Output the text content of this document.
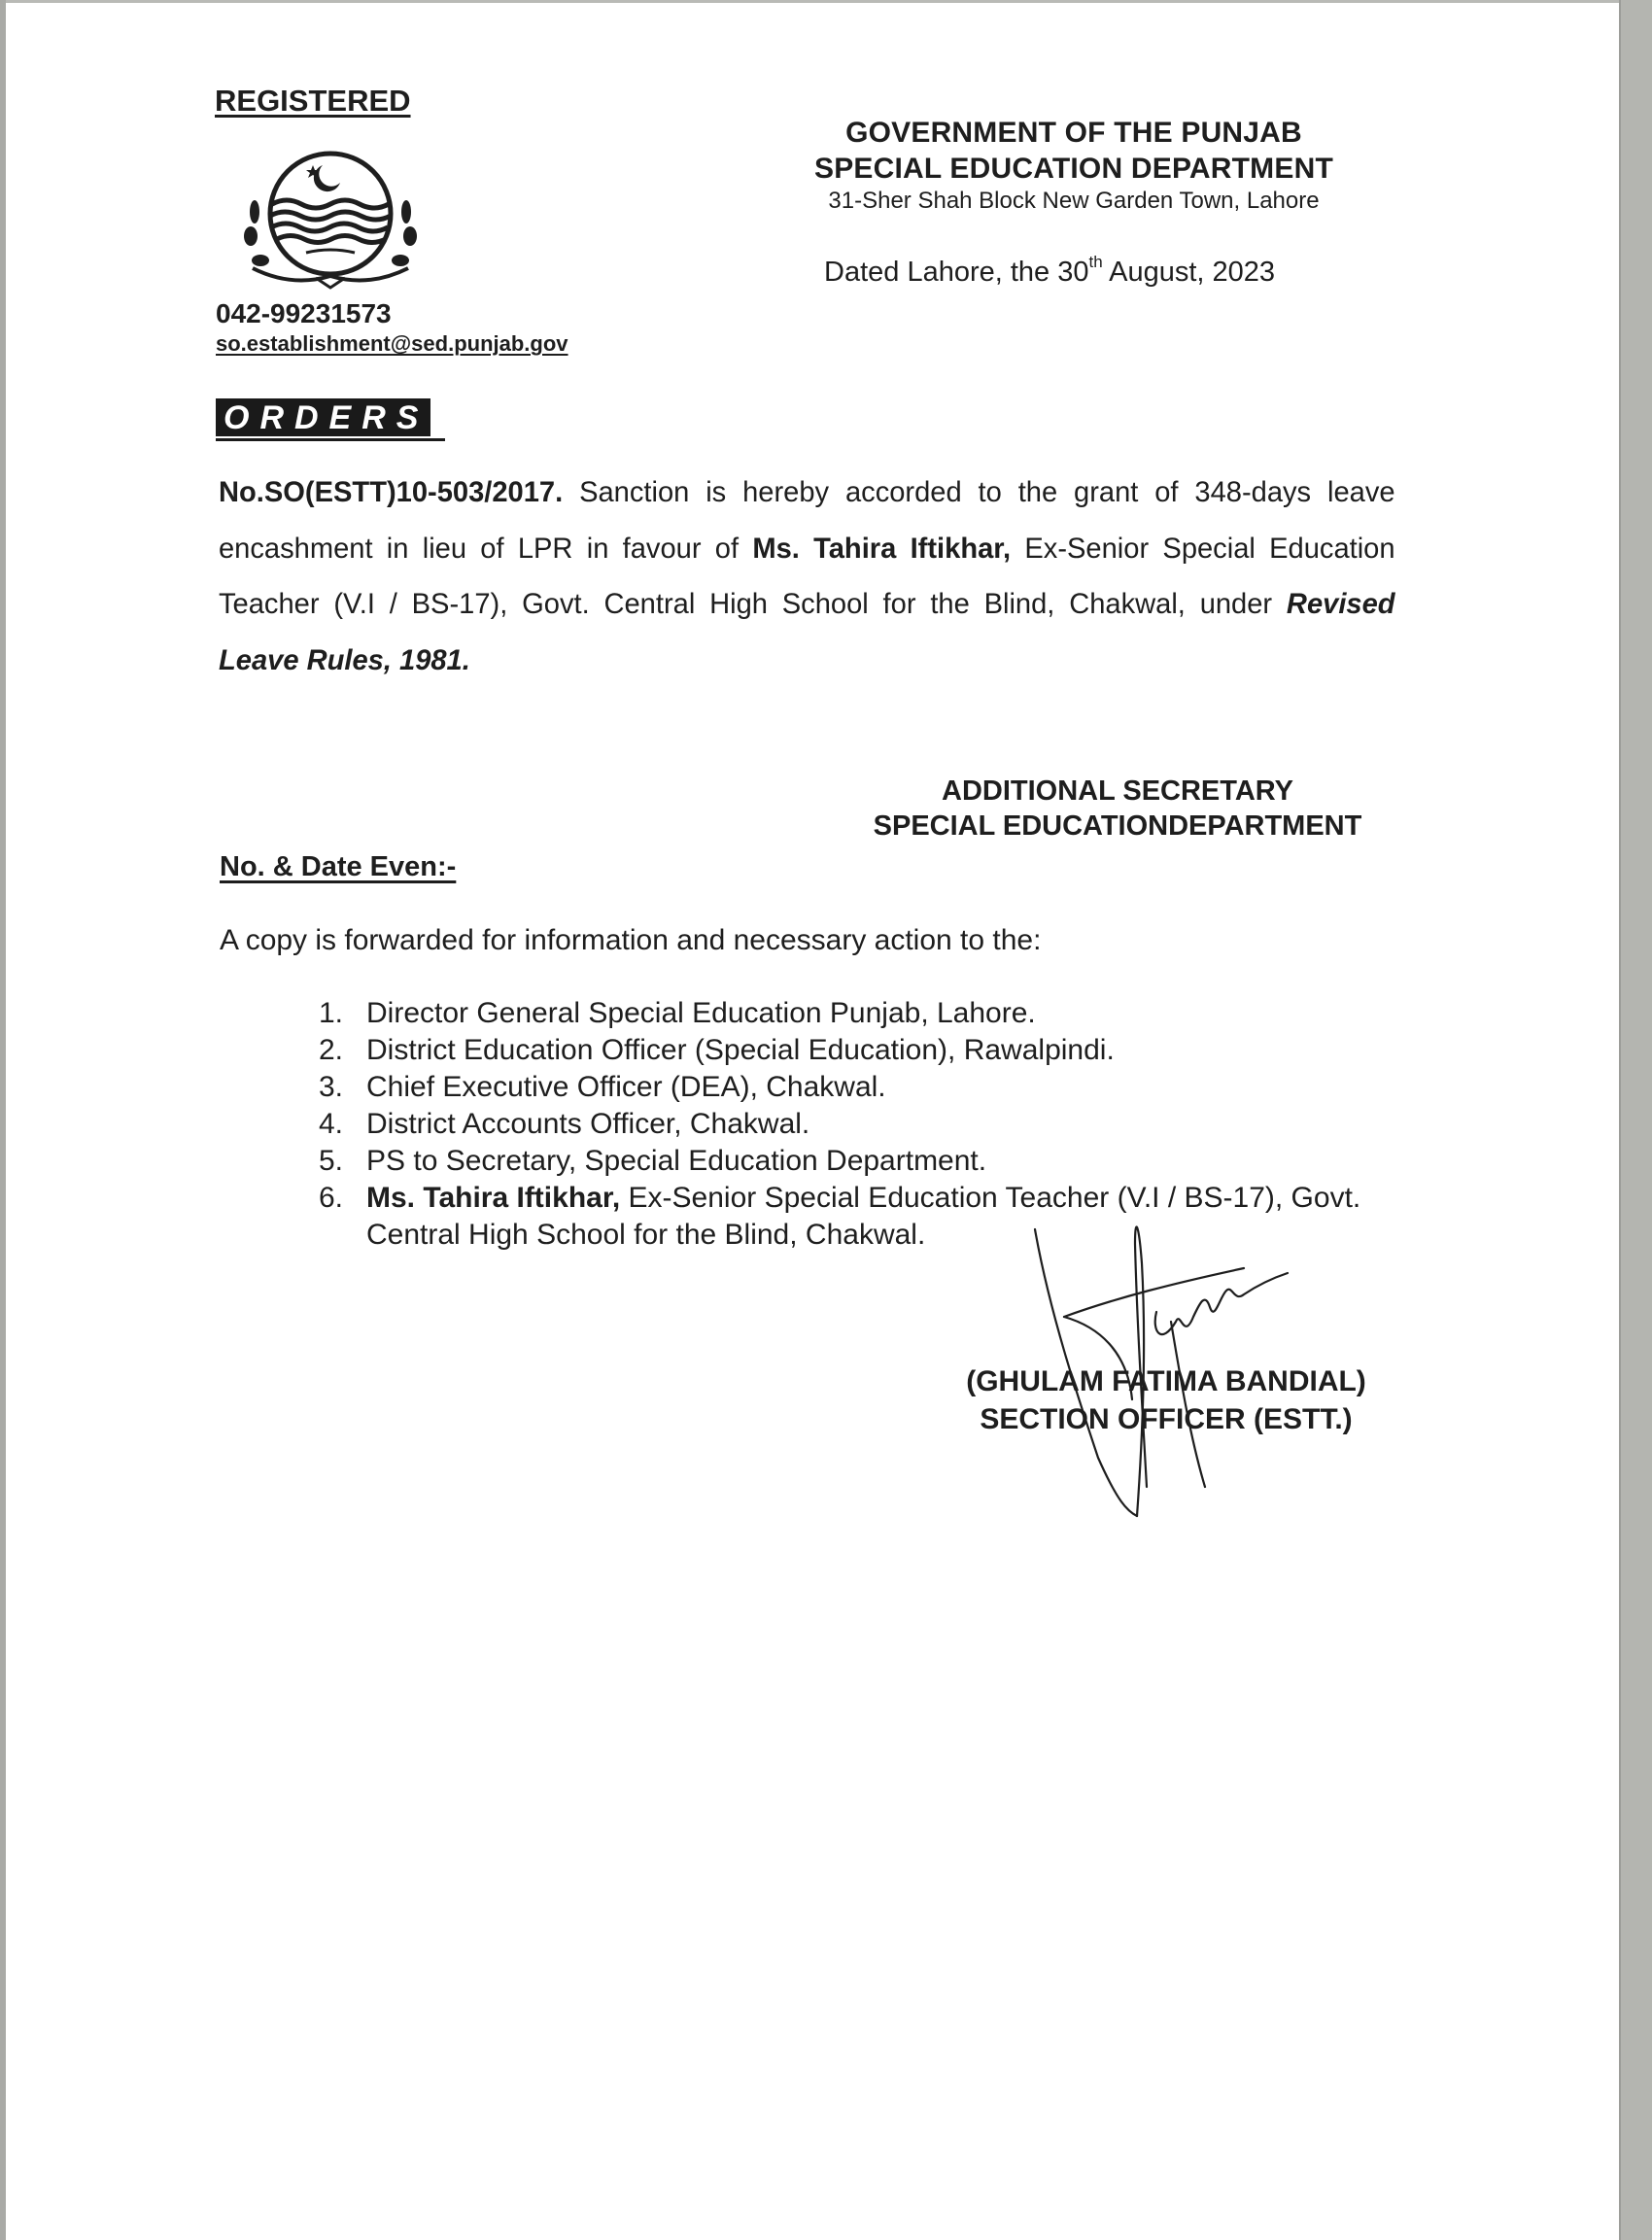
REGISTERED
042-99231573
so.establishment@sed.punjab.gov
GOVERNMENT OF THE PUNJAB
SPECIAL EDUCATION DEPARTMENT
31-Sher Shah Block New Garden Town, Lahore
Dated Lahore, the 30th August, 2023
ORDERS
No.SO(ESTT)10-503/2017. Sanction is hereby accorded to the grant of 348-days leave encashment in lieu of LPR in favour of Ms. Tahira Iftikhar, Ex-Senior Special Education Teacher (V.I / BS-17), Govt. Central High School for the Blind, Chakwal, under Revised Leave Rules, 1981.
ADDITIONAL SECRETARY
SPECIAL EDUCATIONDEPARTMENT
No. & Date Even:-
A copy is forwarded for information and necessary action to the:
1. Director General Special Education Punjab, Lahore.
2. District Education Officer (Special Education), Rawalpindi.
3. Chief Executive Officer (DEA), Chakwal.
4. District Accounts Officer, Chakwal.
5. PS to Secretary, Special Education Department.
6. Ms. Tahira Iftikhar, Ex-Senior Special Education Teacher (V.I / BS-17), Govt. Central High School for the Blind, Chakwal.
(GHULAM FATIMA BANDIAL)
SECTION OFFICER (ESTT.)
